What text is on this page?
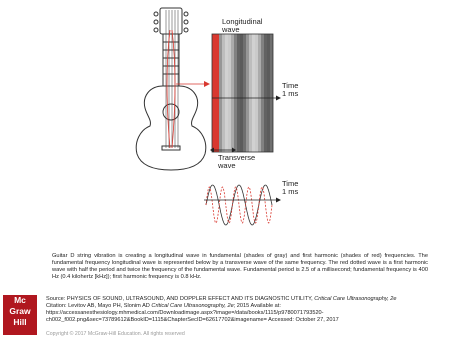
Longitudinal
wave
Transverse
wave
Time
1 ms
Time
1 ms
Guitar D string vibration is creating a longitudinal wave in fundamental (shades of gray) and first harmonic (shades of red) frequencies. The fundamental frequency longitudinal wave is represented below by a transverse wave of the same frequency. The red dotted wave is a first harmonic wave with half the period and twice the frequency of the fundamental wave. Fundamental period is 2.5 of a millisecond; fundamental frequency is 400 Hz (0.4 kilohertz [kHz]); first harmonic frequency is 0.8 kHz.
Mc
Graw
Hill
Source: PHYSICS OF SOUND, ULTRASOUND, AND DOPPLER EFFECT AND ITS DIAGNOSTIC UTILITY, Critical Care Ultrasonography, 2e
Citation: Levitov AB, Mayo PH, Slonim AD Critical Care Ultrasonography, 2e; 2015 Available at: https://accessanesthesiology.mhmedical.com/Downloadimage.aspx?image=/data/books/1115/p9780071793520-ch002_f002.png&sec=73789612&BookID=1115&ChapterSecID=62617702&imagename= Accessed: October 27, 2017
Copyright © 2017 McGraw-Hill Education. All rights reserved
